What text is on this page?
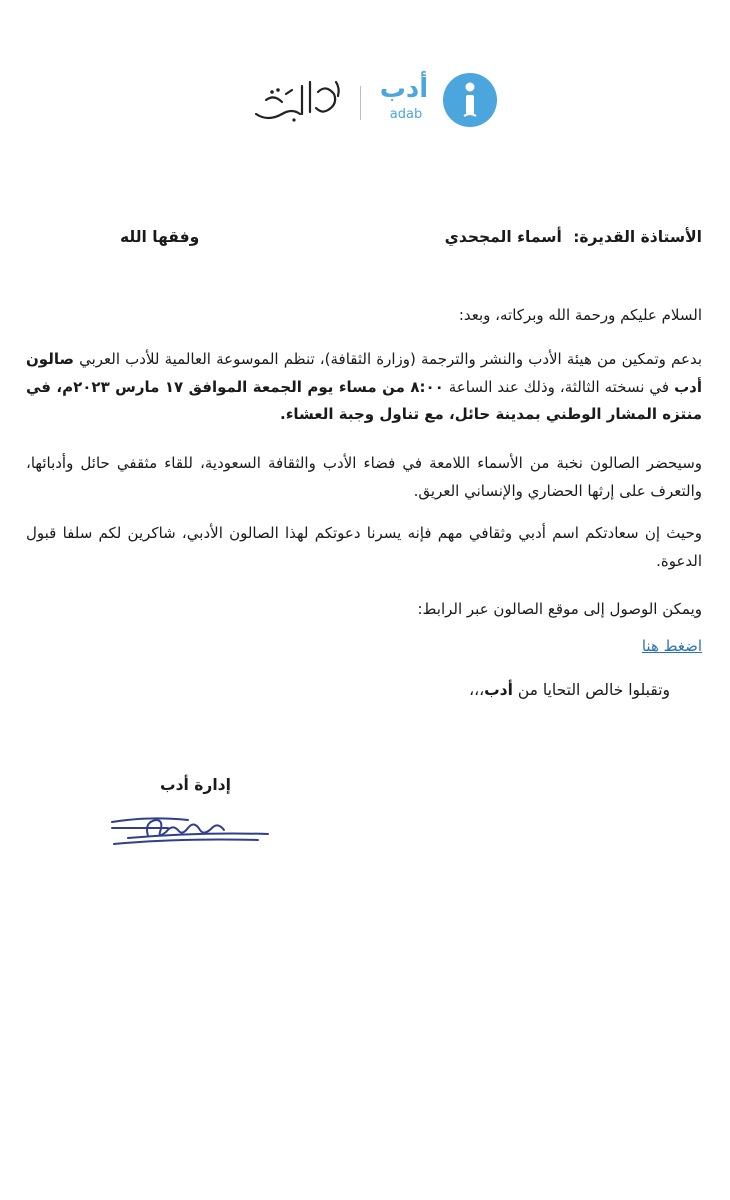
أدب
adab
الأستاذة القديرة: أسماء المجحدي
وفقها الله
السلام عليكم ورحمة الله وبركاته، وبعد:
بدعم وتمكين من هيئة الأدب والنشر والترجمة (وزارة الثقافة)، تنظم الموسوعة العالمية للأدب العربي صالون أدب في نسخته الثالثة، وذلك عند الساعة ٨:٠٠ من مساء يوم الجمعة الموافق ١٧ مارس ٢٠٢٣م، في منتزه المشار الوطني بمدينة حائل، مع تناول وجبة العشاء.
وسيحضر الصالون نخبة من الأسماء اللامعة في فضاء الأدب والثقافة السعودية، للقاء مثقفي حائل وأدبائها، والتعرف على إرثها الحضاري والإنساني العريق.
وحيث إن سعادتكم اسم أدبي وثقافي مهم فإنه يسرنا دعوتكم لهذا الصالون الأدبي، شاكرين لكم سلفا قبول الدعوة.
ويمكن الوصول إلى موقع الصالون عبر الرابط:
اضغط هنا
وتقبلوا خالص التحايا من أدب،،،
إدارة أدب
